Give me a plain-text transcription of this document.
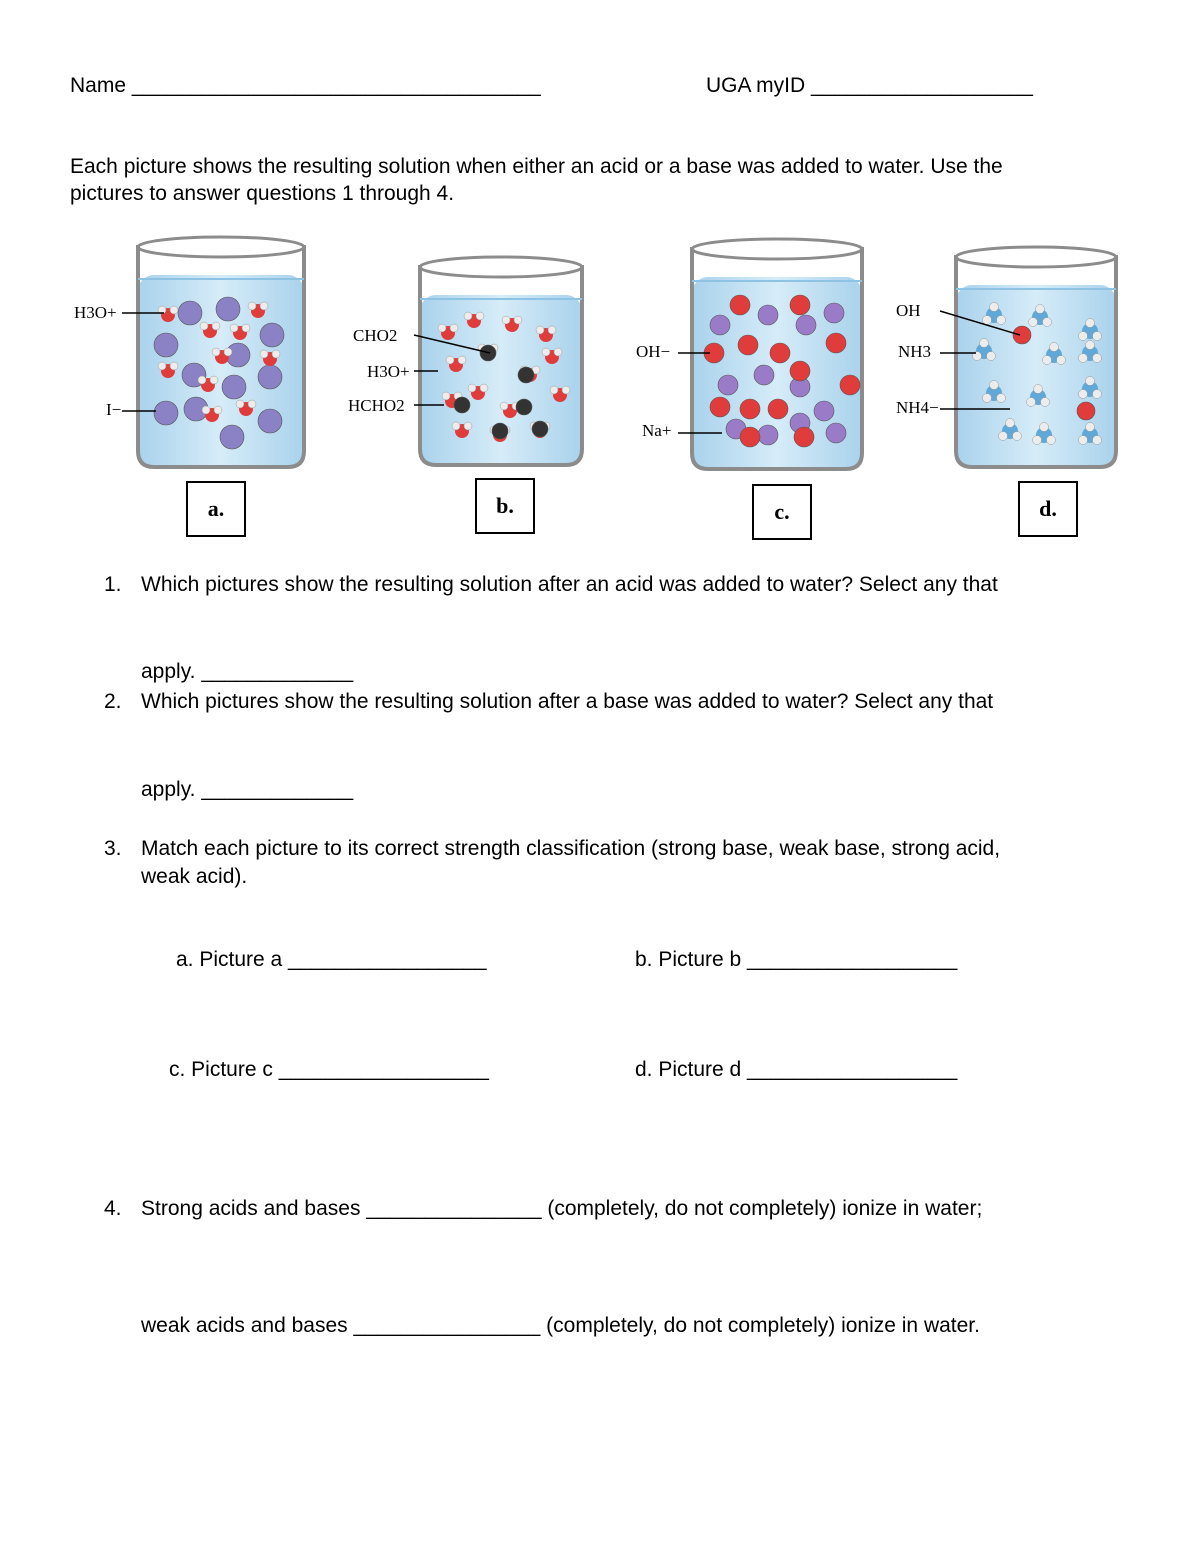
Name ___________________________________	UGA myID ___________________
Each picture shows the resulting solution when either an acid or a base was added to water. Use the
pictures to answer questions 1 through 4.
H3O+
I−
CHO2
H3O+
HCHO2
OH−
Na+
OH
NH3
NH4−
a.	b.	c.	d.
1. Which pictures show the resulting solution after an acid was added to water? Select any that
apply. _____________
2. Which pictures show the resulting solution after a base was added to water? Select any that
apply. _____________
3. Match each picture to its correct strength classification (strong base, weak base, strong acid,
weak acid).
a. Picture a _________________	b. Picture b __________________
c. Picture c __________________	d. Picture d __________________
4. Strong acids and bases _______________ (completely, do not completely) ionize in water;
weak acids and bases ________________ (completely, do not completely) ionize in water.
